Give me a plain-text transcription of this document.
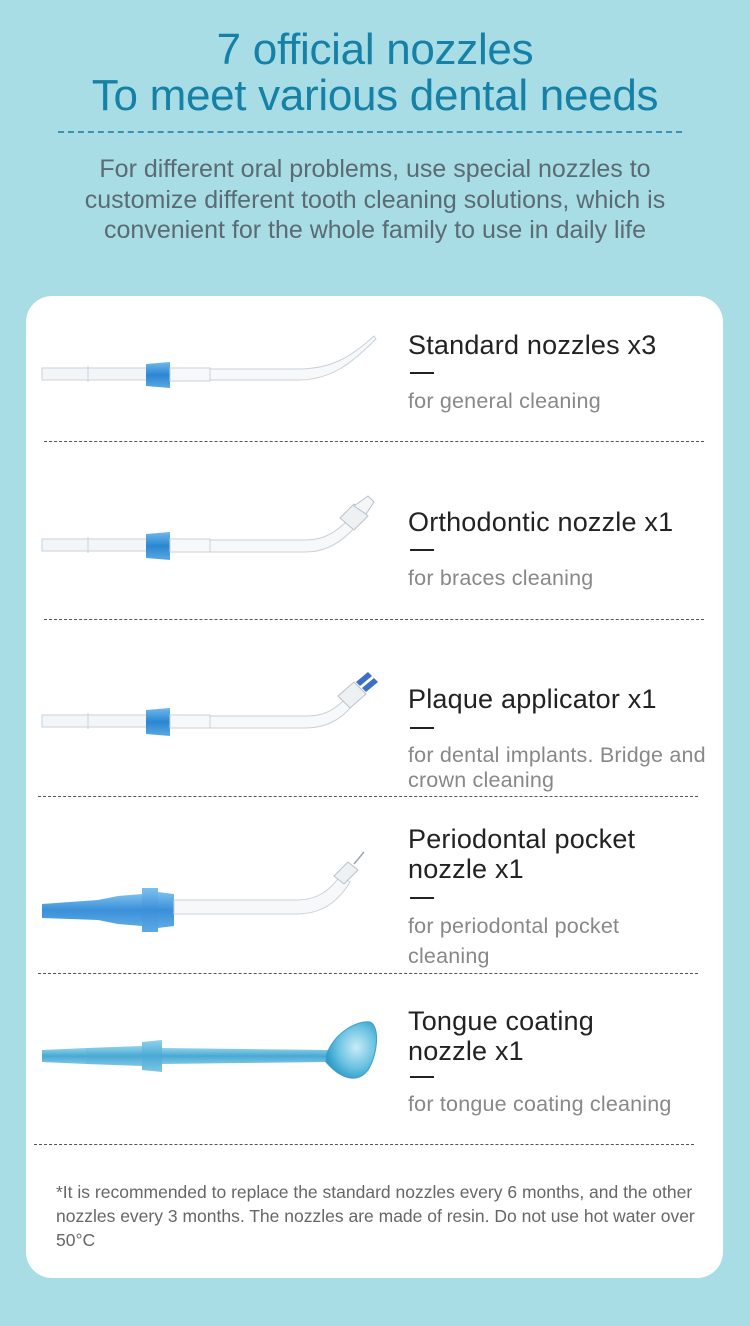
7 official nozzles
To meet various dental needs
For different oral problems, use special nozzles to customize different tooth cleaning solutions, which is convenient for the whole family to use in daily life
Standard nozzles x3
for general cleaning
Orthodontic nozzle x1
for braces cleaning
Plaque applicator x1
for dental implants. Bridge and crown cleaning
Periodontal pocket nozzle x1
for periodontal pocket cleaning
Tongue coating nozzle x1
for tongue coating cleaning
*It is recommended to replace the standard nozzles every 6 months, and the other nozzles every 3 months. The nozzles are made of resin. Do not use hot water over 50°C
